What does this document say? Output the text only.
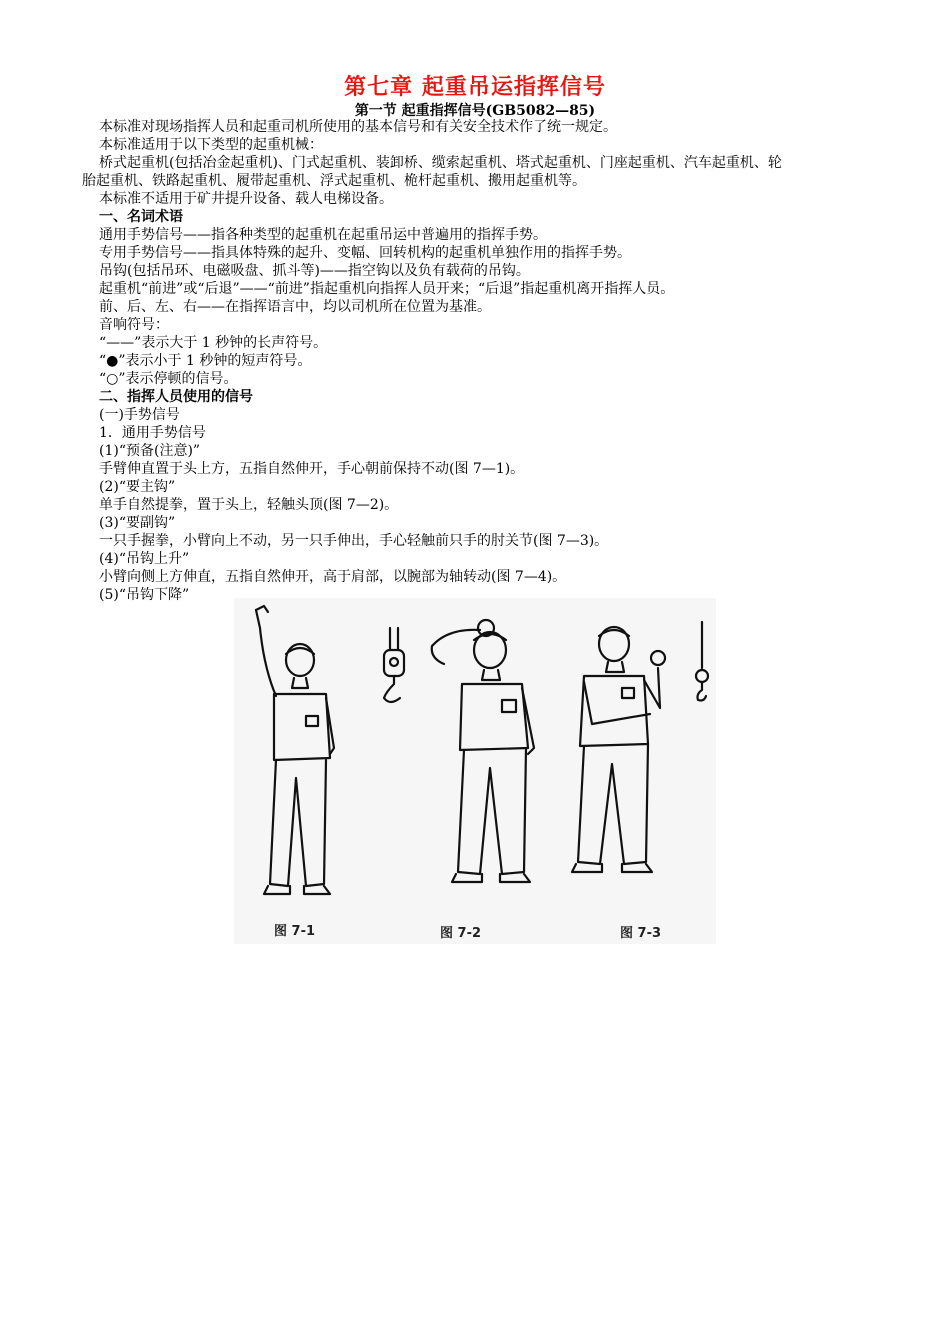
第七章 起重吊运指挥信号
第一节 起重指挥信号(GB5082—85)
本标准对现场指挥人员和起重司机所使用的基本信号和有关安全技术作了统一规定。
本标准适用于以下类型的起重机械：
桥式起重机(包括冶金起重机)、门式起重机、装卸桥、缆索起重机、塔式起重机、门座起重机、汽车起重机、轮
胎起重机、铁路起重机、履带起重机、浮式起重机、桅杆起重机、搬用起重机等。
本标准不适用于矿井提升设备、载人电梯设备。
一、名词术语
通用手势信号——指各种类型的起重机在起重吊运中普遍用的指挥手势。
专用手势信号——指具体特殊的起升、变幅、回转机构的起重机单独作用的指挥手势。
吊钩(包括吊环、电磁吸盘、抓斗等)——指空钩以及负有载荷的吊钩。
起重机“前进”或“后退”——“前进”指起重机向指挥人员开来；“后退”指起重机离开指挥人员。
前、后、左、右——在指挥语言中，均以司机所在位置为基准。
音响符号：
“——”表示大于 1 秒钟的长声符号。
“●”表示小于 1 秒钟的短声符号。
“○”表示停顿的信号。
二、指挥人员使用的信号
(一)手势信号
1．通用手势信号
(1)“预备(注意)”
手臂伸直置于头上方，五指自然伸开，手心朝前保持不动(图 7—1)。
(2)“要主钩”
单手自然提拳，置于头上，轻触头顶(图 7—2)。
(3)“要副钩”
一只手握拳，小臂向上不动，另一只手伸出，手心轻触前只手的肘关节(图 7—3)。
(4)“吊钩上升”
小臂向侧上方伸直，五指自然伸开，高于肩部，以腕部为轴转动(图 7—4)。
(5)“吊钩下降”
图 7-1	图 7-2	图 7-3
